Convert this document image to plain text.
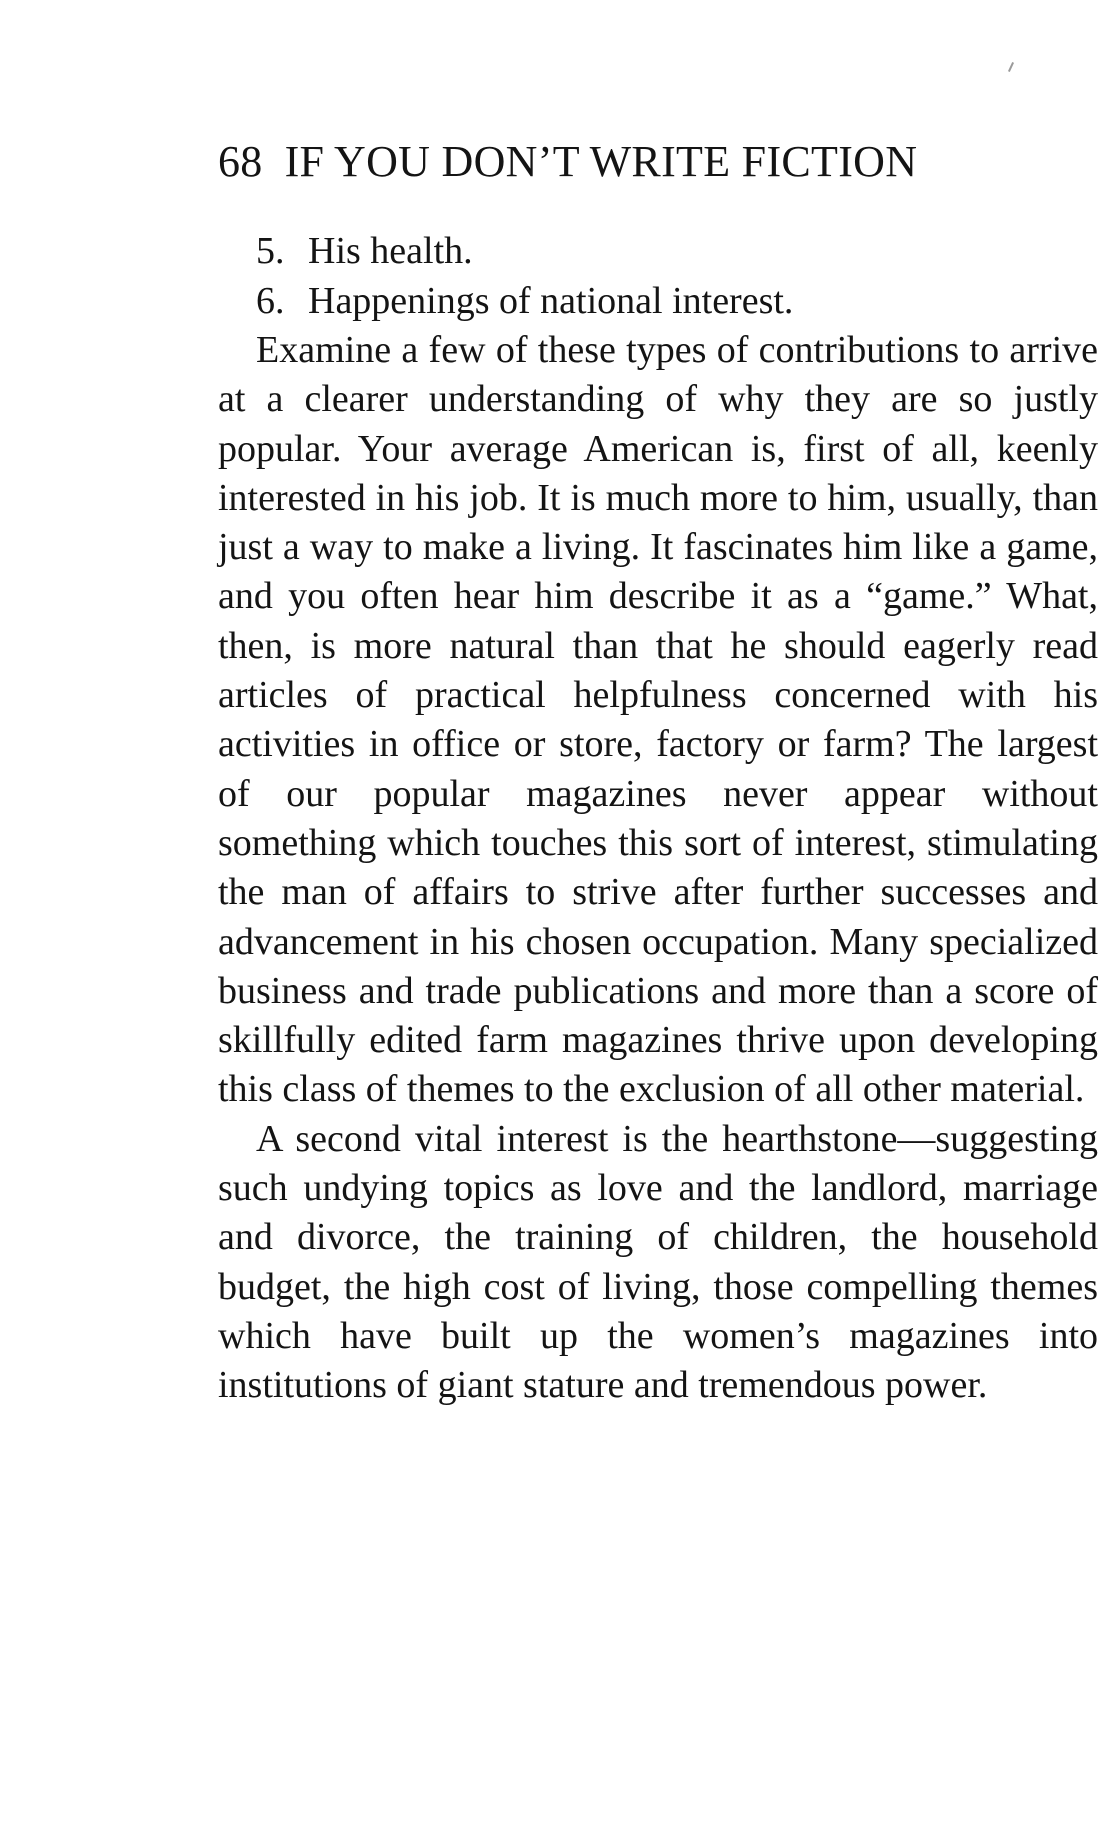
68 IF YOU DON’T WRITE FICTION
5. His health.
6. Happenings of national interest.

Examine a few of these types of contributions to arrive at a clearer understanding of why they are so justly popular. Your average American is, first of all, keenly interested in his job. It is much more to him, usually, than just a way to make a living. It fascinates him like a game, and you often hear him describe it as a “game.” What, then, is more natural than that he should eagerly read articles of practical helpfulness concerned with his activities in office or store, factory or farm? The largest of our popular magazines never appear without something which touches this sort of interest, stimulating the man of affairs to strive after further successes and advancement in his chosen occupation. Many specialized business and trade publications and more than a score of skillfully edited farm magazines thrive upon developing this class of themes to the exclusion of all other material.

A second vital interest is the hearthstone—suggesting such undying topics as love and the landlord, marriage and divorce, the training of children, the household budget, the high cost of living, those compelling themes which have built up the women’s magazines into institutions of giant stature and tremendous power.
